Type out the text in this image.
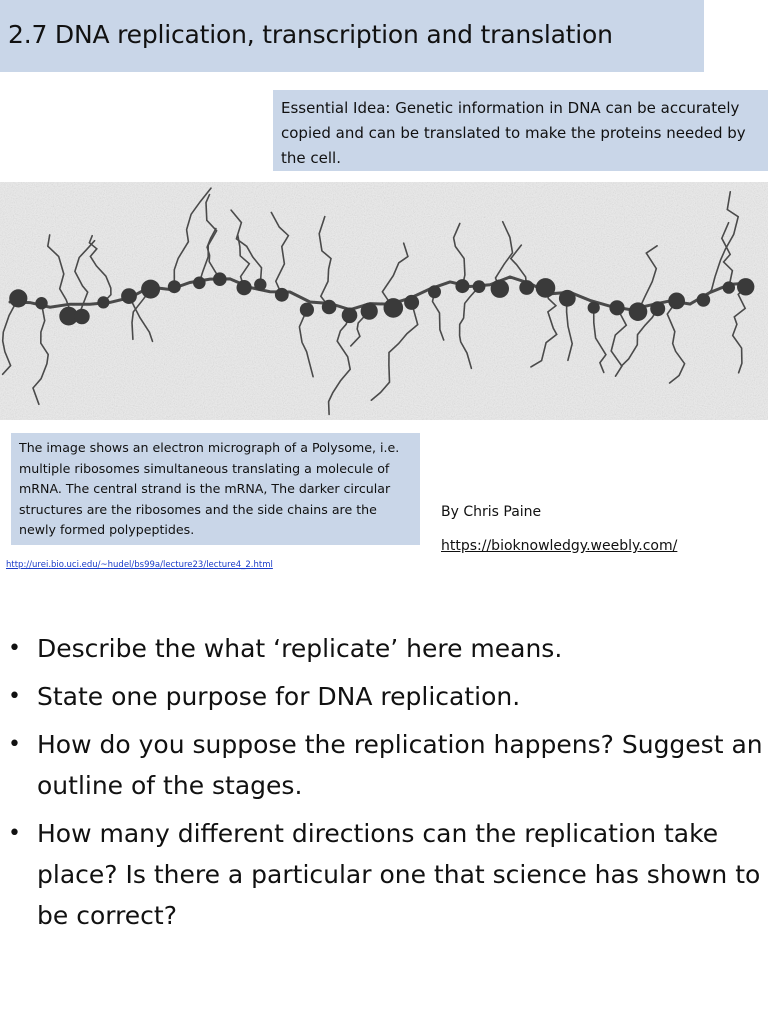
2.7 DNA replication, transcription and translation
Essential Idea: Genetic information in DNA can be accurately copied and can be translated to make the proteins needed by the cell.
The image shows an electron micrograph of a Polysome, i.e. multiple ribosomes simultaneous translating a molecule of mRNA. The central strand is the mRNA, The darker circular structures are the ribosomes and the side chains are the newly formed polypeptides.
By Chris Paine
https://bioknowledgy.weebly.com/
http://urei.bio.uci.edu/~hudel/bs99a/lecture23/lecture4_2.html
• Describe the what ‘replicate’ here means.
• State one purpose for DNA replication.
• How do you suppose the replication happens? Suggest an outline of the stages.
• How many different directions can the replication take place? Is there a particular one that science has shown to be correct?
